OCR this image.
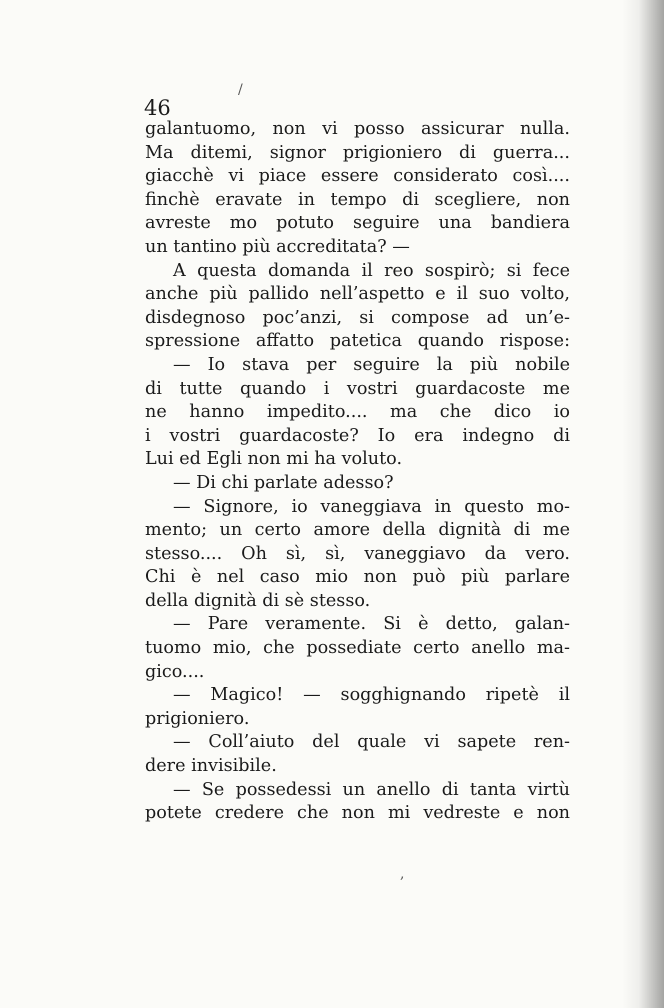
46
galantuomo, non vi posso assicurar nulla.
Ma ditemi, signor prigioniero di guerra...
giacchè vi piace essere considerato così....
finchè eravate in tempo di scegliere, non
avreste mo potuto seguire una bandiera
un tantino più accreditata? —
A questa domanda il reo sospirò; si fece
anche più pallido nell’aspetto e il suo volto,
disdegnoso poc’anzi, si compose ad un’e-
spressione affatto patetica quando rispose:
— Io stava per seguire la più nobile
di tutte quando i vostri guardacoste me
ne hanno impedito.... ma che dico io
i vostri guardacoste? Io era indegno di
Lui ed Egli non mi ha voluto.
— Di chi parlate adesso?
— Signore, io vaneggiava in questo mo-
mento; un certo amore della dignità di me
stesso.... Oh sì, sì, vaneggiavo da vero.
Chi è nel caso mio non può più parlare
della dignità di sè stesso.
— Pare veramente. Si è detto, galan-
tuomo mio, che possediate certo anello ma-
gico....
— Magico! — sogghignando ripetè il
prigioniero.
— Coll’aiuto del quale vi sapete ren-
dere invisibile.
— Se possedessi un anello di tanta virtù
potete credere che non mi vedreste e non
/
,
